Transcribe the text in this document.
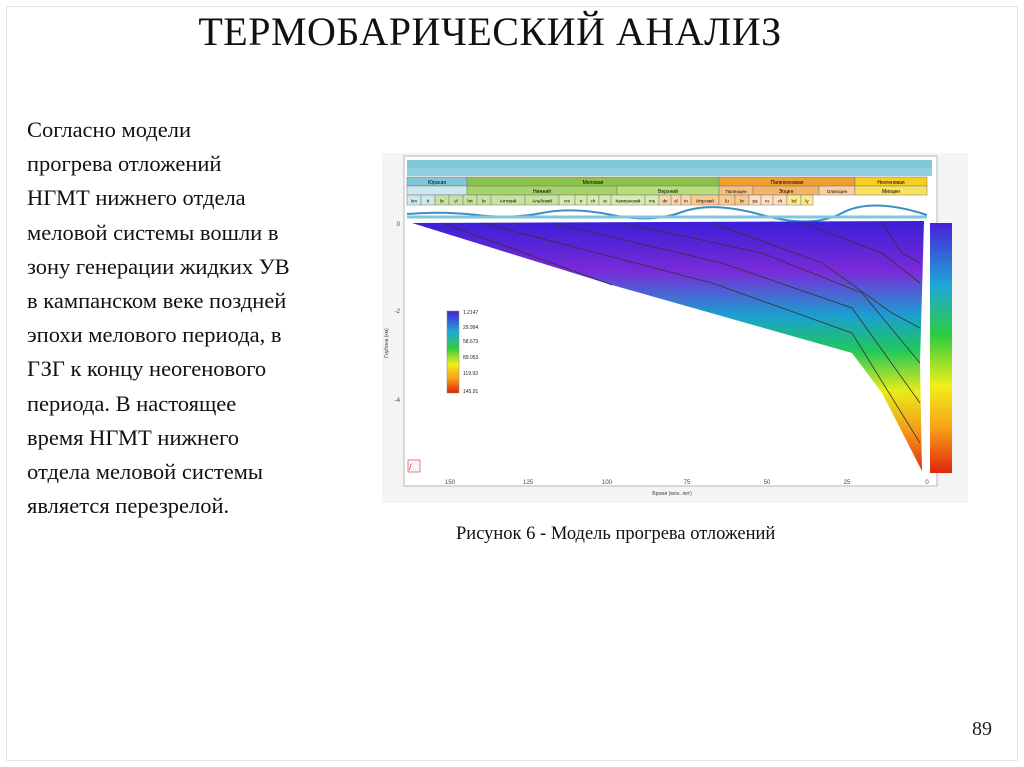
ТЕРМОБАРИЧЕСКИЙ АНАЛИЗ
Согласно модели
прогрева отложений
НГМТ нижнего отдела
меловой системы вошли в
зону генерации жидких УВ
в кампанском веке поздней
эпохи мелового периода, в
ГЗГ к концу неогенового
периода. В настоящее
время НГМТ нижнего
отдела меловой системы
является перезрелой.
Юрская	Меловая	Палеогеновая	Неогеновая
Нижний	Верхний	Палеоцен	Эоцен	Олигоцен	Миоцен
km tt br vl hrt br	Аптский	Альбский	cm tr ch st Кампанский ms dn sl tn Ипрский	lu br pa ru ch bd ly
1.2147
29.994
58.673
89.053
119.93
145.91
0
-2
-4
Глубина (км)
150	125	100	75	50	25	0
Время (млн. лет)
/
Рисунок 6 - Модель прогрева отложений
89
